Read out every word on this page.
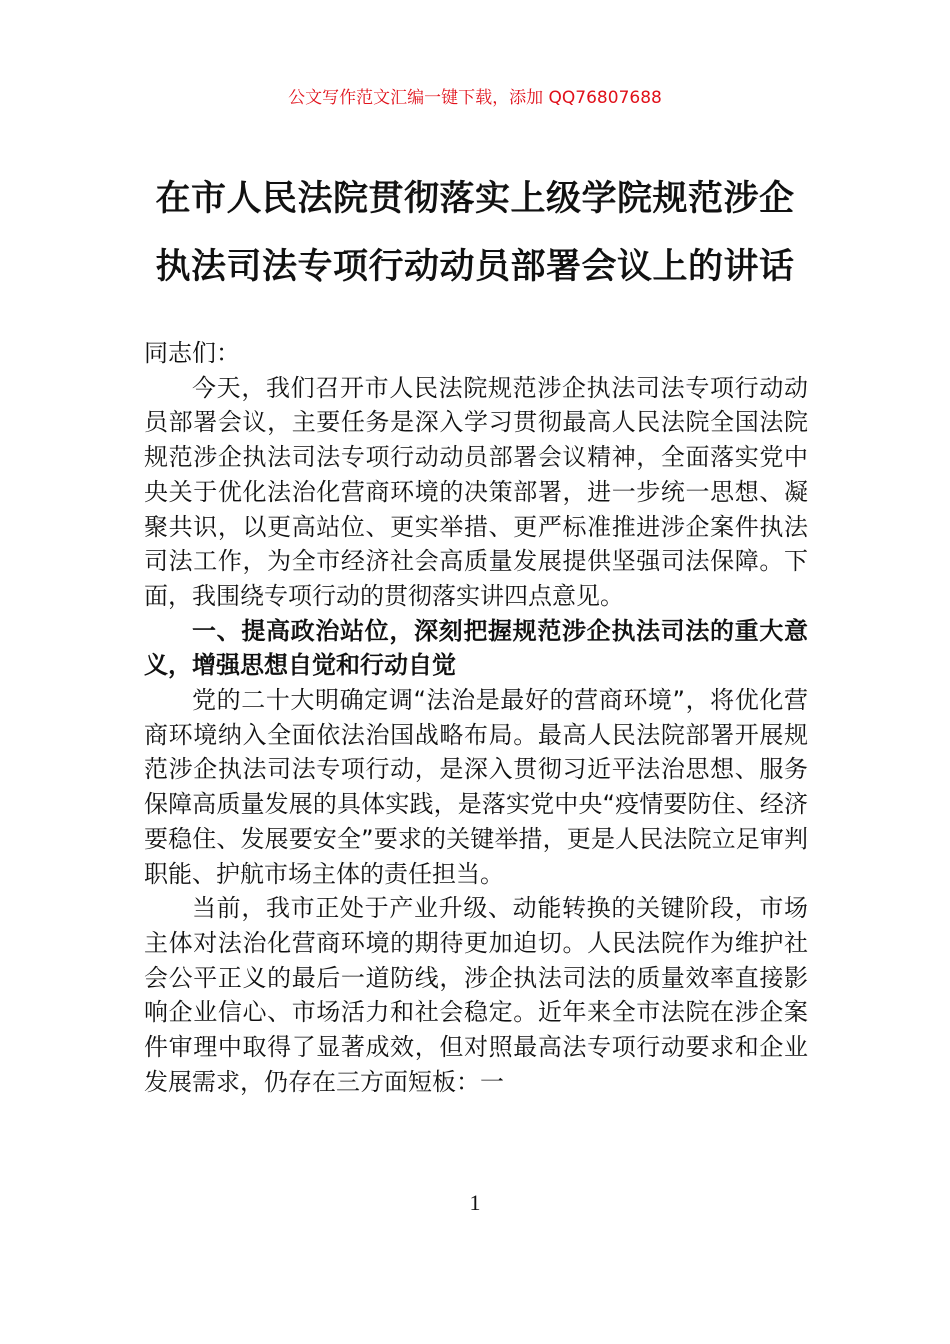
公文写作范文汇编一键下载，添加 QQ76807688
在市人民法院贯彻落实上级学院规范涉企
执法司法专项行动动员部署会议上的讲话
同志们：

今天，我们召开市人民法院规范涉企执法司法专项行动动员部署会议，主要任务是深入学习贯彻最高人民法院全国法院规范涉企执法司法专项行动动员部署会议精神，全面落实党中央关于优化法治化营商环境的决策部署，进一步统一思想、凝聚共识，以更高站位、更实举措、更严标准推进涉企案件执法司法工作，为全市经济社会高质量发展提供坚强司法保障。下面，我围绕专项行动的贯彻落实讲四点意见。

一、提高政治站位，深刻把握规范涉企执法司法的重大意义，增强思想自觉和行动自觉

党的二十大明确定调“法治是最好的营商环境”，将优化营商环境纳入全面依法治国战略布局。最高人民法院部署开展规范涉企执法司法专项行动，是深入贯彻习近平法治思想、服务保障高质量发展的具体实践，是落实党中央“疫情要防住、经济要稳住、发展要安全”要求的关键举措，更是人民法院立足审判职能、护航市场主体的责任担当。

当前，我市正处于产业升级、动能转换的关键阶段，市场主体对法治化营商环境的期待更加迫切。人民法院作为维护社会公平正义的最后一道防线，涉企执法司法的质量效率直接影响企业信心、市场活力和社会稳定。近年来全市法院在涉企案件审理中取得了显著成效，但对照最高法专项行动要求和企业发展需求，仍存在三方面短板：一

1
